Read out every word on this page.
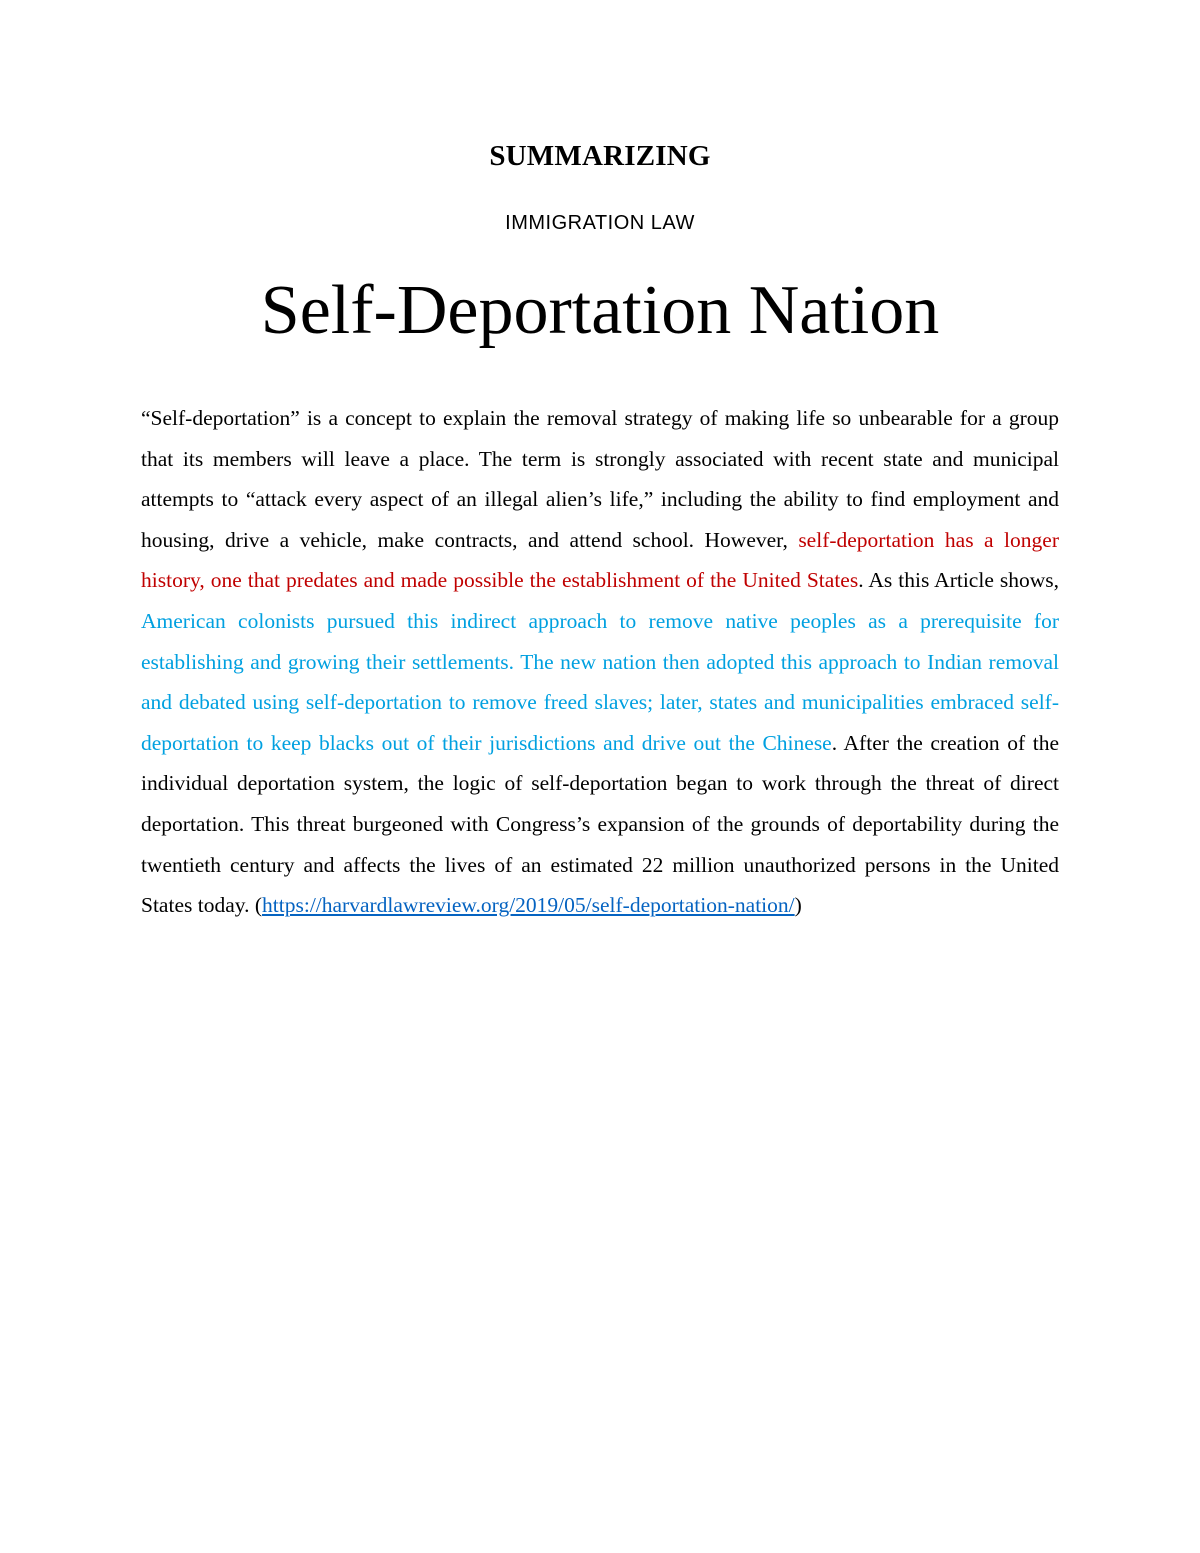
SUMMARIZING
IMMIGRATION LAW
Self-Deportation Nation

“Self-deportation” is a concept to explain the removal strategy of making life so unbearable for a group that its members will leave a place. The term is strongly associated with recent state and municipal attempts to “attack every aspect of an illegal alien’s life,” including the ability to find employment and housing, drive a vehicle, make contracts, and attend school. However, self-deportation has a longer history, one that predates and made possible the establishment of the United States. As this Article shows, American colonists pursued this indirect approach to remove native peoples as a prerequisite for establishing and growing their settlements. The new nation then adopted this approach to Indian removal and debated using self-deportation to remove freed slaves; later, states and municipalities embraced self-deportation to keep blacks out of their jurisdictions and drive out the Chinese. After the creation of the individual deportation system, the logic of self-deportation began to work through the threat of direct deportation. This threat burgeoned with Congress’s expansion of the grounds of deportability during the twentieth century and affects the lives of an estimated 22 million unauthorized persons in the United States today. (https://harvardlawreview.org/2019/05/self-deportation-nation/)
